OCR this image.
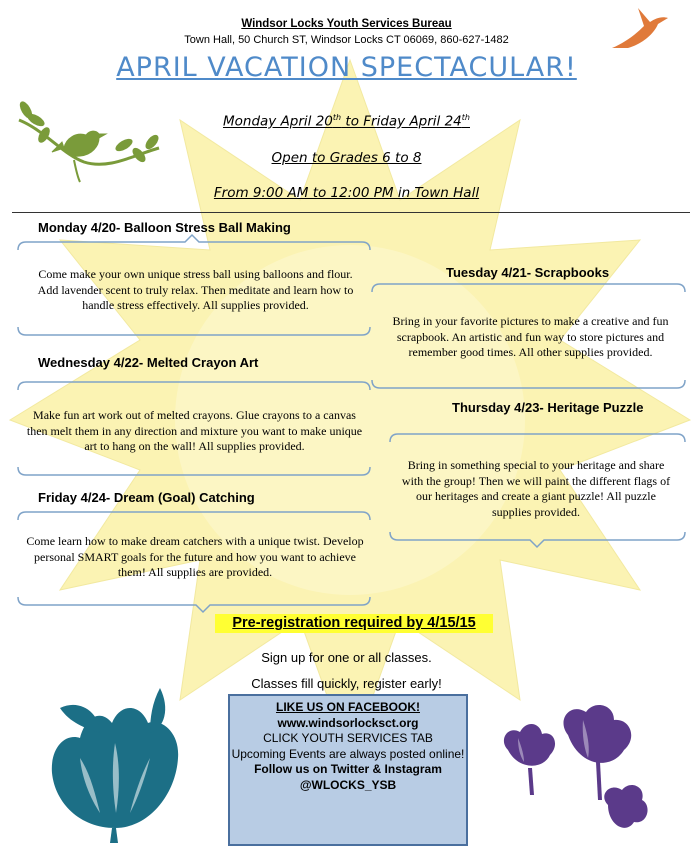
Windsor Locks Youth Services Bureau
Town Hall, 50 Church ST, Windsor Locks CT 06069, 860-627-1482
APRIL VACATION SPECTACULAR!
Monday April 20th to Friday April 24th
Open to Grades 6 to 8
From 9:00 AM to 12:00 PM in Town Hall
Monday 4/20- Balloon Stress Ball Making
Come make your own unique stress ball using balloons and flour. Add lavender scent to truly relax. Then meditate and learn how to handle stress effectively. All supplies provided.
Tuesday 4/21- Scrapbooks
Bring in your favorite pictures to make a creative and fun scrapbook. An artistic and fun way to store pictures and remember good times. All other supplies provided.
Wednesday 4/22- Melted Crayon Art
Make fun art work out of melted crayons. Glue crayons to a canvas then melt them in any direction and mixture you want to make unique art to hang on the wall! All supplies provided.
Thursday 4/23- Heritage Puzzle
Bring in something special to your heritage and share with the group! Then we will paint the different flags of our heritages and create a giant puzzle! All puzzle supplies provided.
Friday 4/24- Dream (Goal) Catching
Come learn how to make dream catchers with a unique twist. Develop personal SMART goals for the future and how you want to achieve them! All supplies are provided.
Pre-registration required by 4/15/15
Sign up for one or all classes.
Classes fill quickly, register early!
LIKE US ON FACEBOOK!
www.windsorlocksct.org
CLICK YOUTH SERVICES TAB
Upcoming Events are always posted online!
Follow us on Twitter & Instagram
@WLOCKS_YSB
